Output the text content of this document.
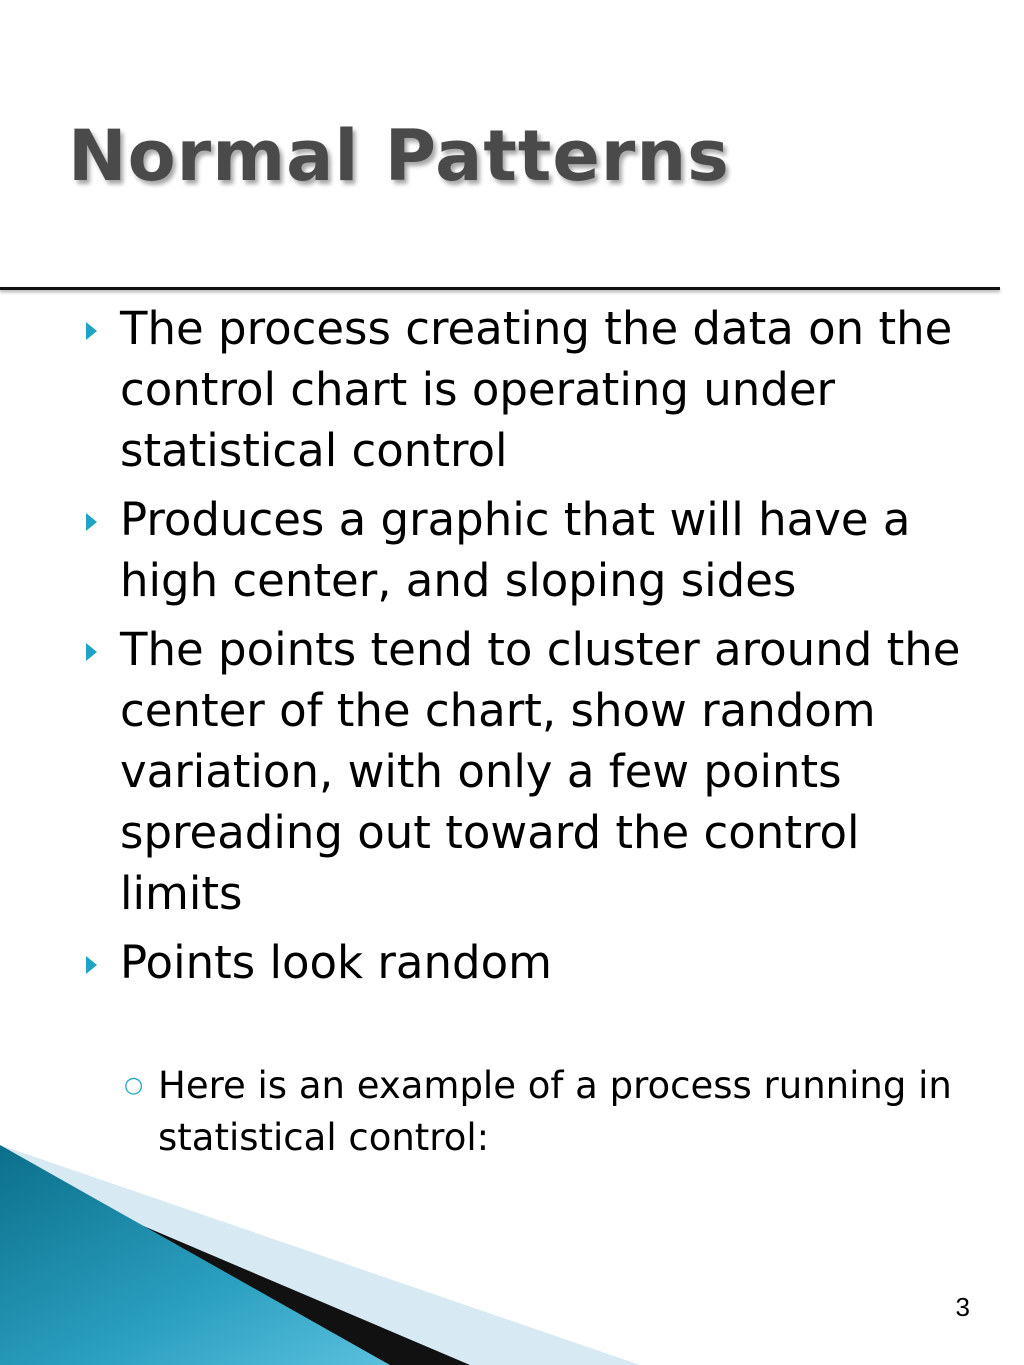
Normal Patterns
The process creating the data on the control chart is operating under statistical control
Produces a graphic that will have a high center, and sloping sides
The points tend to cluster around the center of the chart, show random variation, with only a few points spreading out toward the control limits
Points look random
○ Here is an example of a process running in statistical control:
3
